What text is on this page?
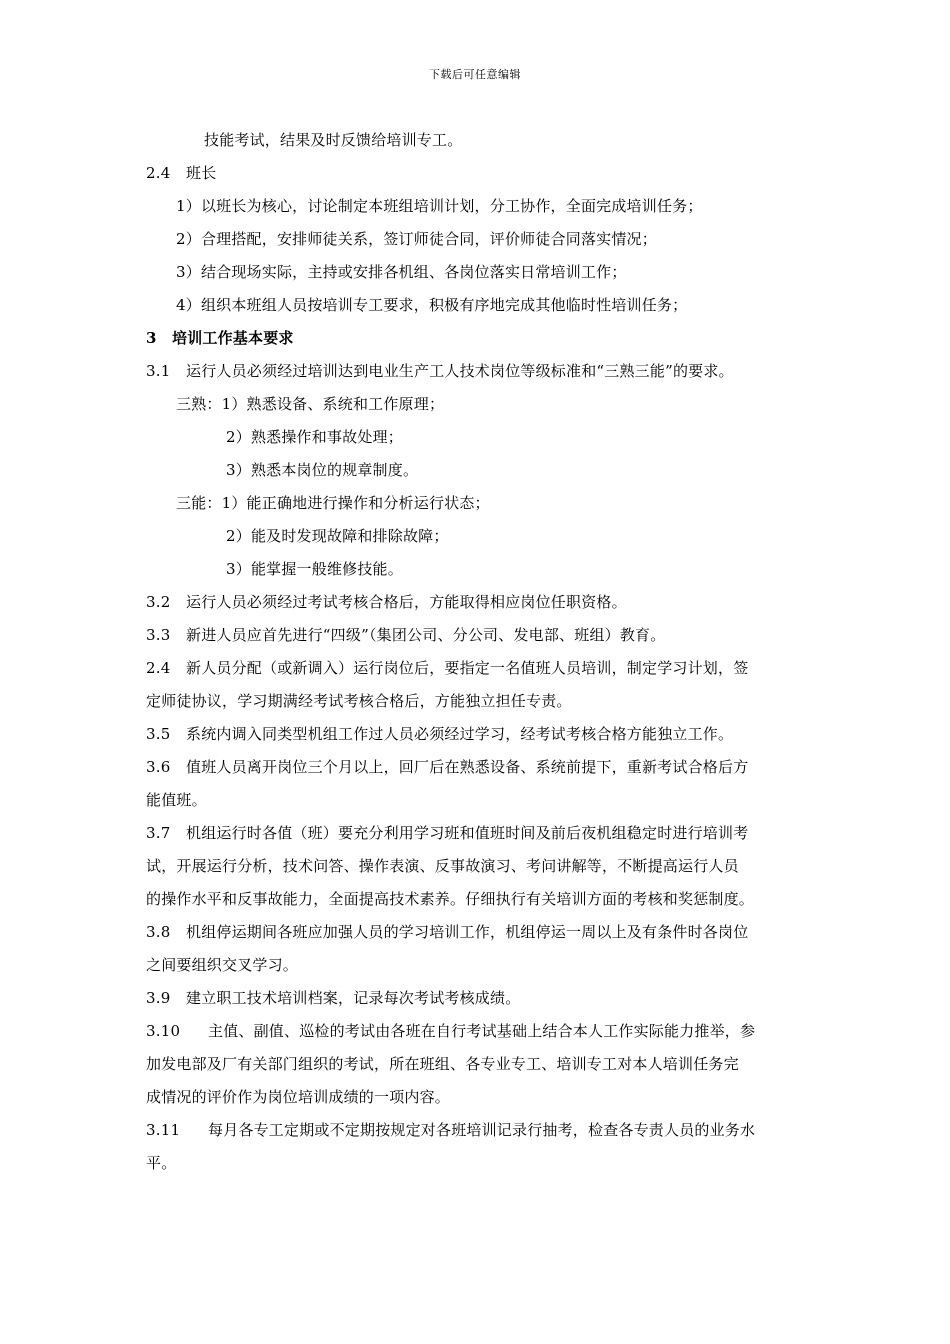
下载后可任意编辑
技能考试，结果及时反馈给培训专工。
2.4 班长
1）以班长为核心，讨论制定本班组培训计划，分工协作，全面完成培训任务；
2）合理搭配，安排师徒关系，签订师徒合同，评价师徒合同落实情况；
3）结合现场实际，主持或安排各机组、各岗位落实日常培训工作；
4）组织本班组人员按培训专工要求，积极有序地完成其他临时性培训任务；
3 培训工作基本要求
3.1 运行人员必须经过培训达到电业生产工人技术岗位等级标准和“三熟三能”的要求。
三熟：1）熟悉设备、系统和工作原理；
2）熟悉操作和事故处理；
3）熟悉本岗位的规章制度。
三能：1）能正确地进行操作和分析运行状态；
2）能及时发现故障和排除故障；
3）能掌握一般维修技能。
3.2 运行人员必须经过考试考核合格后，方能取得相应岗位任职资格。
3.3 新进人员应首先进行“四级”（集团公司、分公司、发电部、班组）教育。
2.4 新人员分配（或新调入）运行岗位后，要指定一名值班人员培训，制定学习计划，签
定师徒协议，学习期满经考试考核合格后，方能独立担任专责。
3.5 系统内调入同类型机组工作过人员必须经过学习，经考试考核合格方能独立工作。
3.6 值班人员离开岗位三个月以上，回厂后在熟悉设备、系统前提下，重新考试合格后方
能值班。
3.7 机组运行时各值（班）要充分利用学习班和值班时间及前后夜机组稳定时进行培训考
试，开展运行分析，技术问答、操作表演、反事故演习、考问讲解等，不断提高运行人员
的操作水平和反事故能力，全面提高技术素养。仔细执行有关培训方面的考核和奖惩制度。
3.8 机组停运期间各班应加强人员的学习培训工作，机组停运一周以上及有条件时各岗位
之间要组织交叉学习。
3.9 建立职工技术培训档案，记录每次考试考核成绩。
3.10 主值、副值、巡检的考试由各班在自行考试基础上结合本人工作实际能力推举，参
加发电部及厂有关部门组织的考试，所在班组、各专业专工、培训专工对本人培训任务完
成情况的评价作为岗位培训成绩的一项内容。
3.11 每月各专工定期或不定期按规定对各班培训记录行抽考，检查各专责人员的业务水
平。
